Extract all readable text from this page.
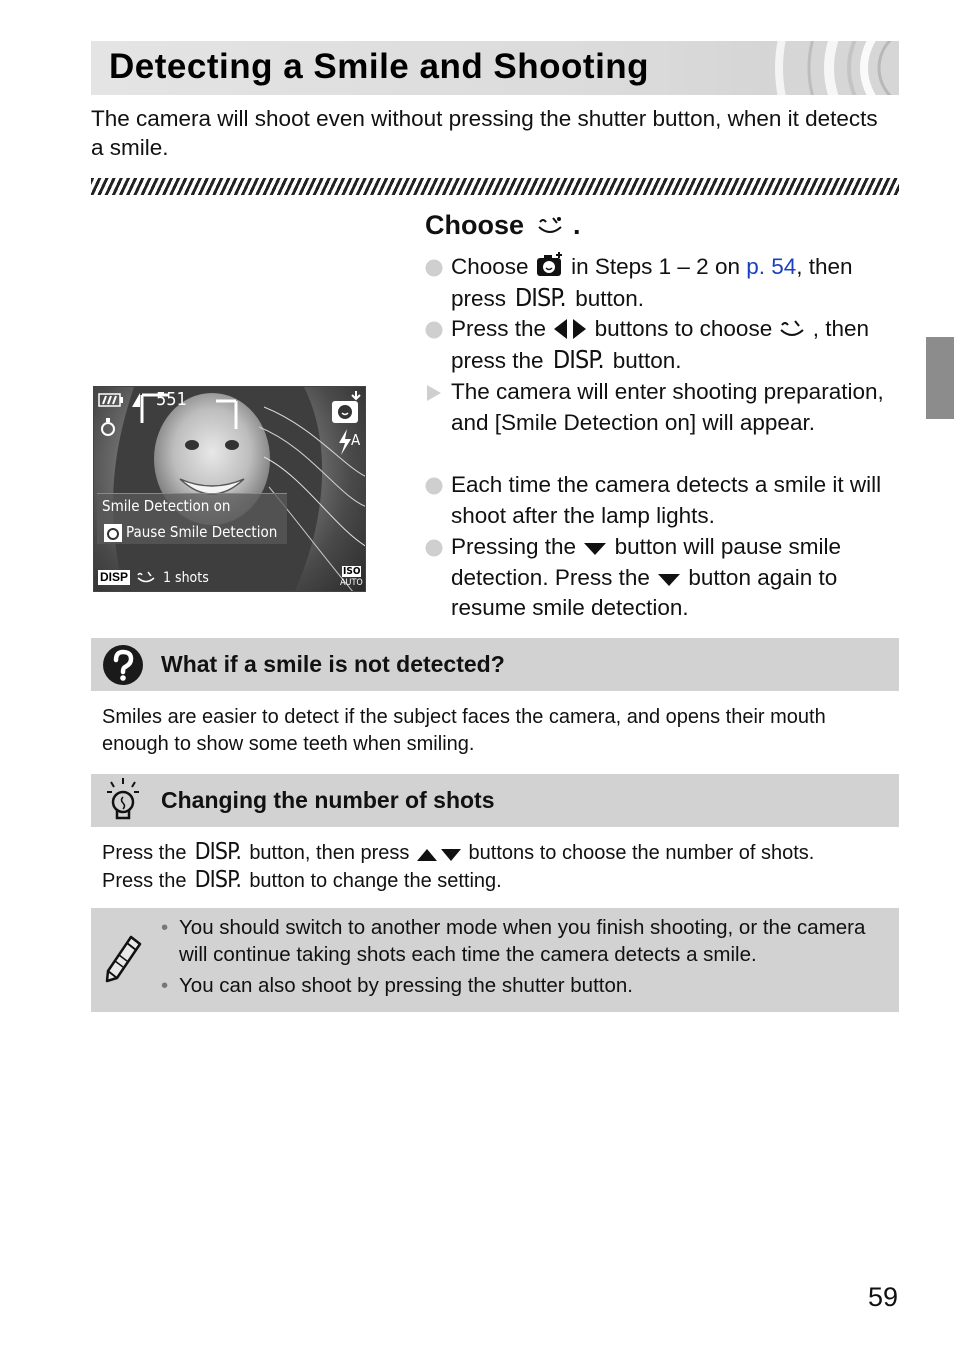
Detecting a Smile and Shooting
The camera will shoot even without pressing the shutter button, when it detects a smile.
Choose .
Choose in Steps 1 – 2 on p. 54, then press DISP. button.
Press the buttons to choose , then press the DISP. button.
The camera will enter shooting preparation, and [Smile Detection on] will appear.
Each time the camera detects a smile it will shoot after the lamp lights.
Pressing the button will pause smile detection. Press the button again to resume smile detection.
551
A
Smile Detection on
Pause Smile Detection
DISP 1 shots	ISO
AUTO
What if a smile is not detected?
Smiles are easier to detect if the subject faces the camera, and opens their mouth enough to show some teeth when smiling.
Changing the number of shots
Press the DISP. button, then press	buttons to choose the number of shots.
Press the DISP. button to change the setting.
• You should switch to another mode when you finish shooting, or the camera will continue taking shots each time the camera detects a smile.
• You can also shoot by pressing the shutter button.
59
